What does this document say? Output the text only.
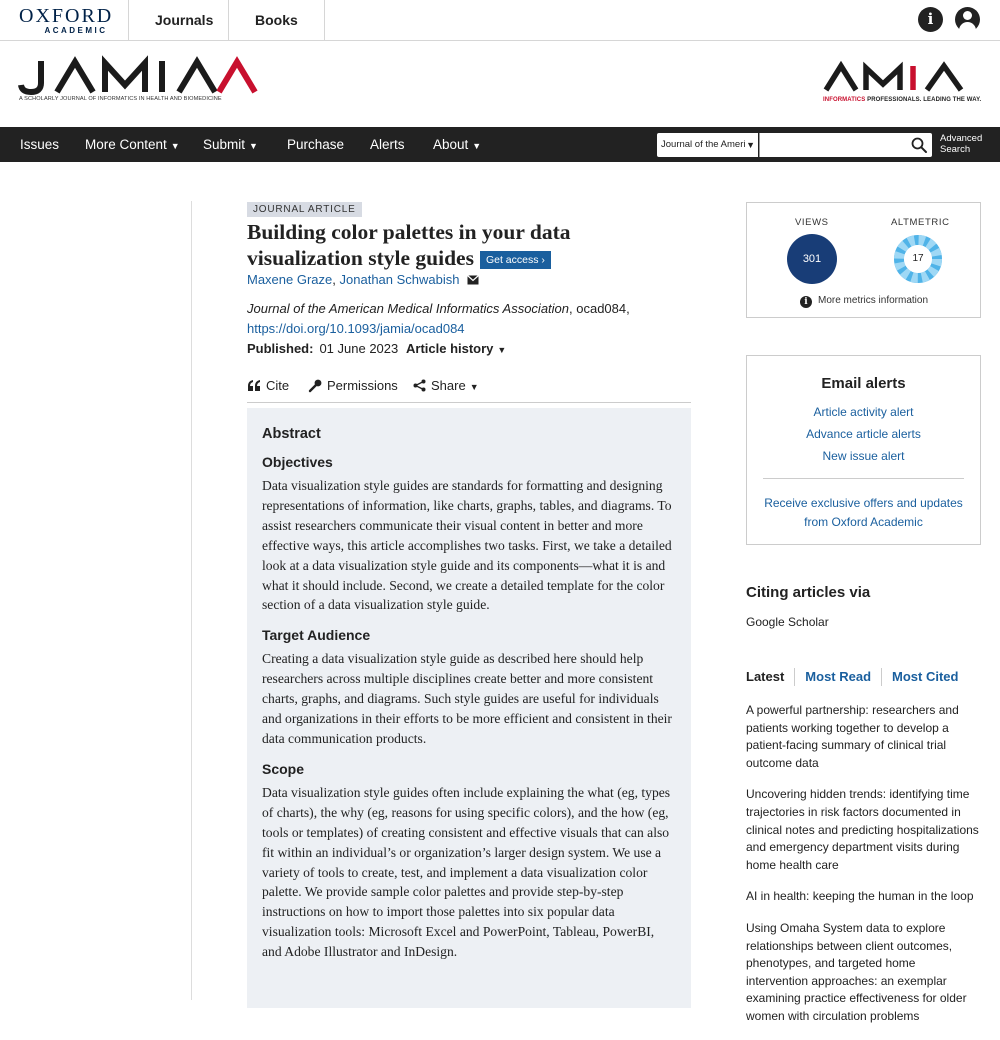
OXFORD
ACADEMIC
Journals	Books	i
A SCHOLARLY JOURNAL OF INFORMATICS IN HEALTH AND BIOMEDICINE	INFORMATICS PROFESSIONALS. LEADING THE WAY.
Issues More Content ▼ Submit ▼ Purchase Alerts About ▼	Journal of the Ameri ▼
Advanced
Search
JOURNAL ARTICLE
Building color palettes in your data
visualization style guides Get access ›
Maxene Graze, Jonathan Schwabish
Journal of the American Medical Informatics Association, ocad084,
https://doi.org/10.1093/jamia/ocad084
Published: 01 June 2023 Article history ▼
Cite	Permissions	Share ▼
Abstract
Objectives
Data visualization style guides are standards for formatting and designing representations of information, like charts, graphs, tables, and diagrams. To assist researchers communicate their visual content in better and more effective ways, this article accomplishes two tasks. First, we take a detailed look at a data visualization style guide and its components—what it is and what it should include. Second, we create a detailed template for the color section of a data visualization style guide.
Target Audience
Creating a data visualization style guide as described here should help researchers across multiple disciplines create better and more consistent charts, graphs, and diagrams. Such style guides are useful for individuals and organizations in their efforts to be more efficient and consistent in their data communication products.
Scope
Data visualization style guides often include explaining the what (eg, types of charts), the why (eg, reasons for using specific colors), and the how (eg, tools or templates) of creating consistent and effective visuals that can also fit within an individual’s or organization’s larger design system. We use a variety of tools to create, test, and implement a data visualization color palette. We provide sample color palettes and provide step-by-step instructions on how to import those palettes into six popular data visualization tools: Microsoft Excel and PowerPoint, Tableau, PowerBI, and Adobe Illustrator and InDesign.
VIEWS	ALTMETRIC
301	17
i More metrics information
Email alerts
Article activity alert
Advance article alerts
New issue alert
Receive exclusive offers and updates from Oxford Academic
Citing articles via
Google Scholar
Latest Most Read Most Cited
A powerful partnership: researchers and patients working together to develop a patient-facing summary of clinical trial outcome data
Uncovering hidden trends: identifying time trajectories in risk factors documented in clinical notes and predicting hospitalizations and emergency department visits during home health care
AI in health: keeping the human in the loop
Using Omaha System data to explore relationships between client outcomes, phenotypes, and targeted home intervention approaches: an exemplar examining practice effectiveness for older women with circulation problems
